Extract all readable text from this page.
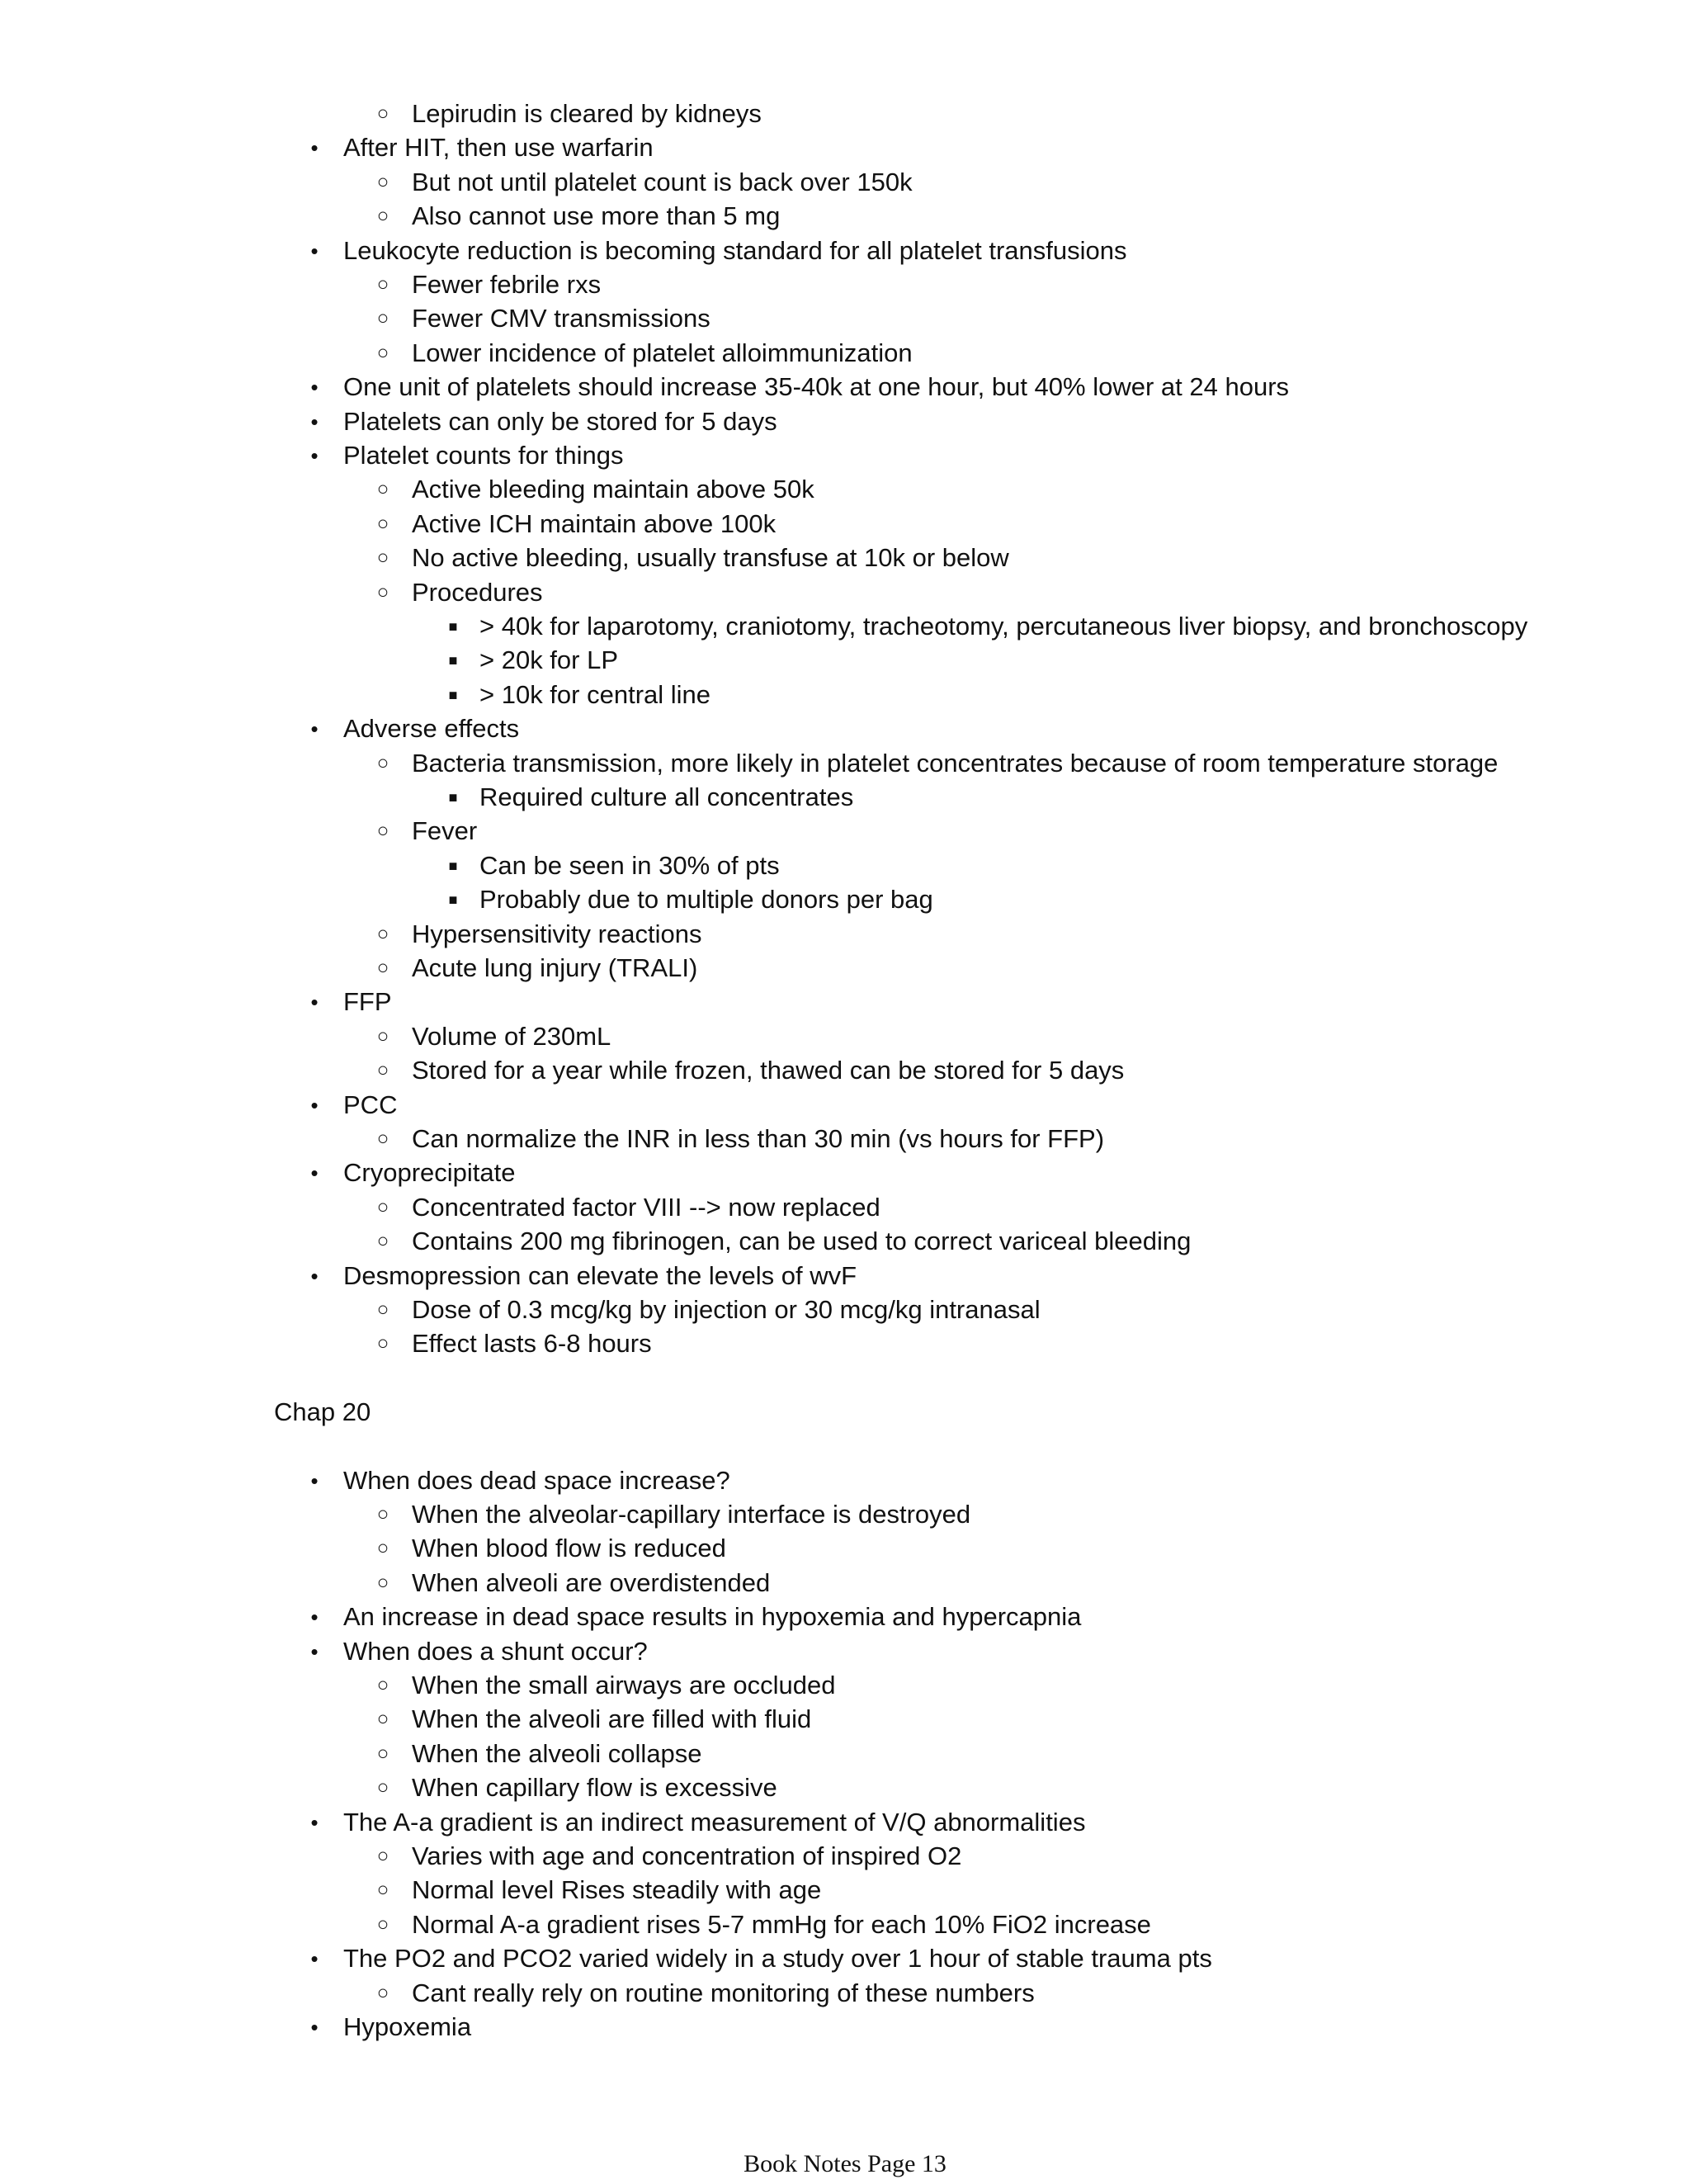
○ Lepirudin is cleared by kidneys
• After HIT, then use warfarin
○ But not until platelet count is back over 150k
○ Also cannot use more than 5 mg
• Leukocyte reduction is becoming standard for all platelet transfusions
○ Fewer febrile rxs
○ Fewer CMV transmissions
○ Lower incidence of platelet alloimmunization
• One unit of platelets should increase 35-40k at one hour, but 40% lower at 24 hours
• Platelets can only be stored for 5 days
• Platelet counts for things
○ Active bleeding maintain above 50k
○ Active ICH maintain above 100k
○ No active bleeding, usually transfuse at 10k or below
○ Procedures
■ > 40k for laparotomy, craniotomy, tracheotomy, percutaneous liver biopsy, and bronchoscopy
■ > 20k for LP
■ > 10k for central line
• Adverse effects
○ Bacteria transmission, more likely in platelet concentrates because of room temperature storage
■ Required culture all concentrates
○ Fever
■ Can be seen in 30% of pts
■ Probably due to multiple donors per bag
○ Hypersensitivity reactions
○ Acute lung injury (TRALI)
• FFP
○ Volume of 230mL
○ Stored for a year while frozen, thawed can be stored for 5 days
• PCC
○ Can normalize the INR in less than 30 min (vs hours for FFP)
• Cryoprecipitate
○ Concentrated factor VIII --> now replaced
○ Contains 200 mg fibrinogen, can be used to correct variceal bleeding
• Desmopression can elevate the levels of wvF
○ Dose of 0.3 mcg/kg by injection or 30 mcg/kg intranasal
○ Effect lasts 6-8 hours
Chap 20
• When does dead space increase?
○ When the alveolar-capillary interface is destroyed
○ When blood flow is reduced
○ When alveoli are overdistended
• An increase in dead space results in hypoxemia and hypercapnia
• When does a shunt occur?
○ When the small airways are occluded
○ When the alveoli are filled with fluid
○ When the alveoli collapse
○ When capillary flow is excessive
• The A-a gradient is an indirect measurement of V/Q abnormalities
○ Varies with age and concentration of inspired O2
○ Normal level Rises steadily with age
○ Normal A-a gradient rises 5-7 mmHg for each 10% FiO2 increase
• The PO2 and PCO2 varied widely in a study over 1 hour of stable trauma pts
○ Cant really rely on routine monitoring of these numbers
• Hypoxemia
Book Notes Page 13
